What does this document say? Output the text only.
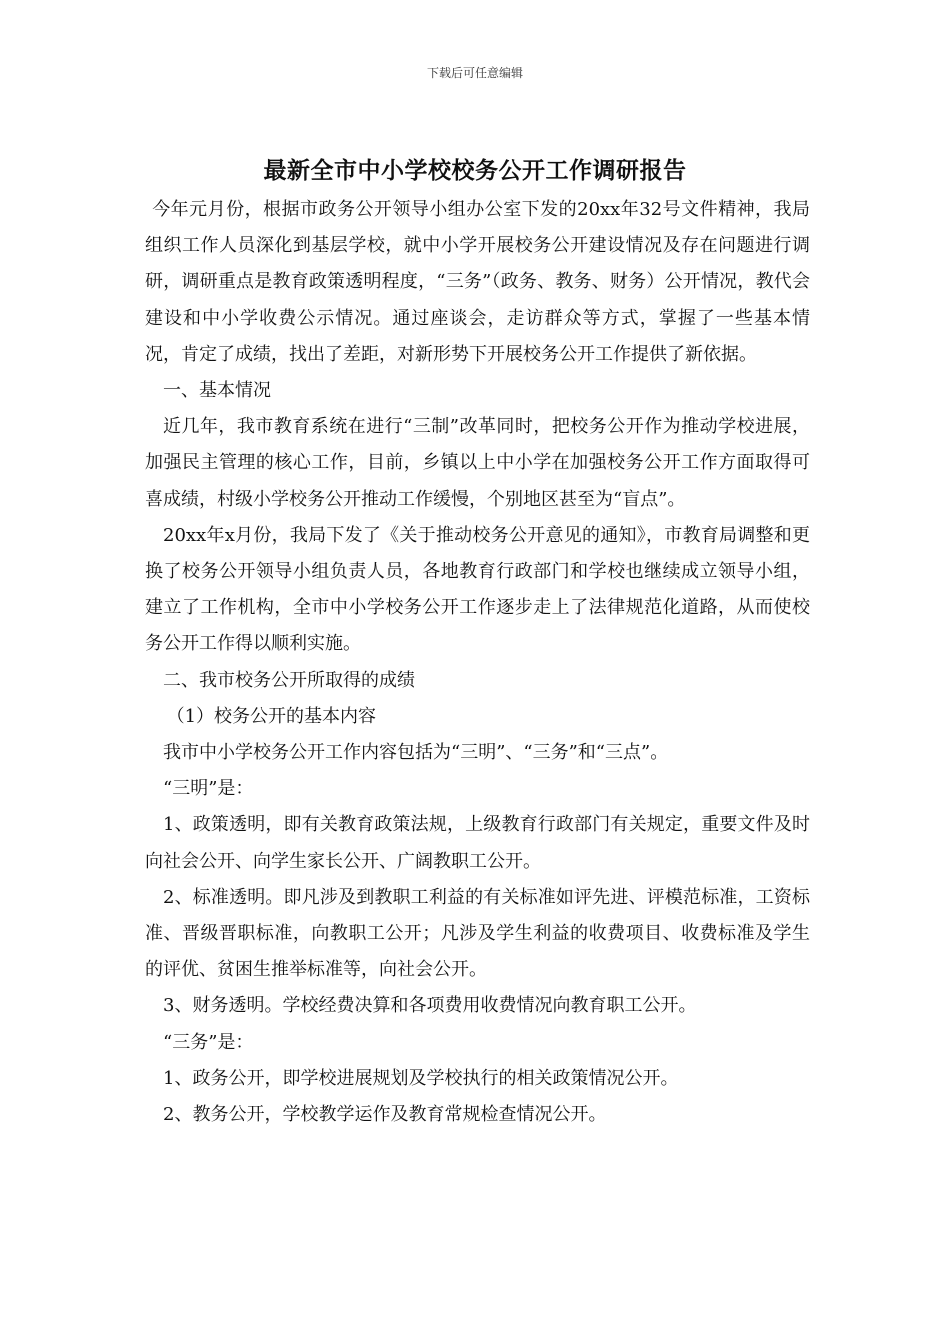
下载后可任意编辑
最新全市中小学校校务公开工作调研报告

今年元月份，根据市政务公开领导小组办公室下发的20xx年32号文件精神，我局组织工作人员深化到基层学校，就中小学开展校务公开建设情况及存在问题进行调研，调研重点是教育政策透明程度，“三务”（政务、教务、财务）公开情况，教代会建设和中小学收费公示情况。通过座谈会，走访群众等方式，掌握了一些基本情况，肯定了成绩，找出了差距，对新形势下开展校务公开工作提供了新依据。

一、基本情况

近几年，我市教育系统在进行“三制”改革同时，把校务公开作为推动学校进展，加强民主管理的核心工作，目前，乡镇以上中小学在加强校务公开工作方面取得可喜成绩，村级小学校务公开推动工作缓慢，个别地区甚至为“盲点”。

20xx年x月份，我局下发了《关于推动校务公开意见的通知》，市教育局调整和更换了校务公开领导小组负责人员，各地教育行政部门和学校也继续成立领导小组，建立了工作机构，全市中小学校务公开工作逐步走上了法律规范化道路，从而使校务公开工作得以顺利实施。

二、我市校务公开所取得的成绩

（1）校务公开的基本内容

我市中小学校务公开工作内容包括为“三明”、“三务”和“三点”。

“三明”是：

1、政策透明，即有关教育政策法规，上级教育行政部门有关规定，重要文件及时向社会公开、向学生家长公开、广阔教职工公开。

2、标准透明。即凡涉及到教职工利益的有关标准如评先进、评模范标准，工资标准、晋级晋职标准，向教职工公开；凡涉及学生利益的收费项目、收费标准及学生的评优、贫困生推举标准等，向社会公开。

3、财务透明。学校经费决算和各项费用收费情况向教育职工公开。

“三务”是：

1、政务公开，即学校进展规划及学校执行的相关政策情况公开。

2、教务公开，学校教学运作及教育常规检查情况公开。
